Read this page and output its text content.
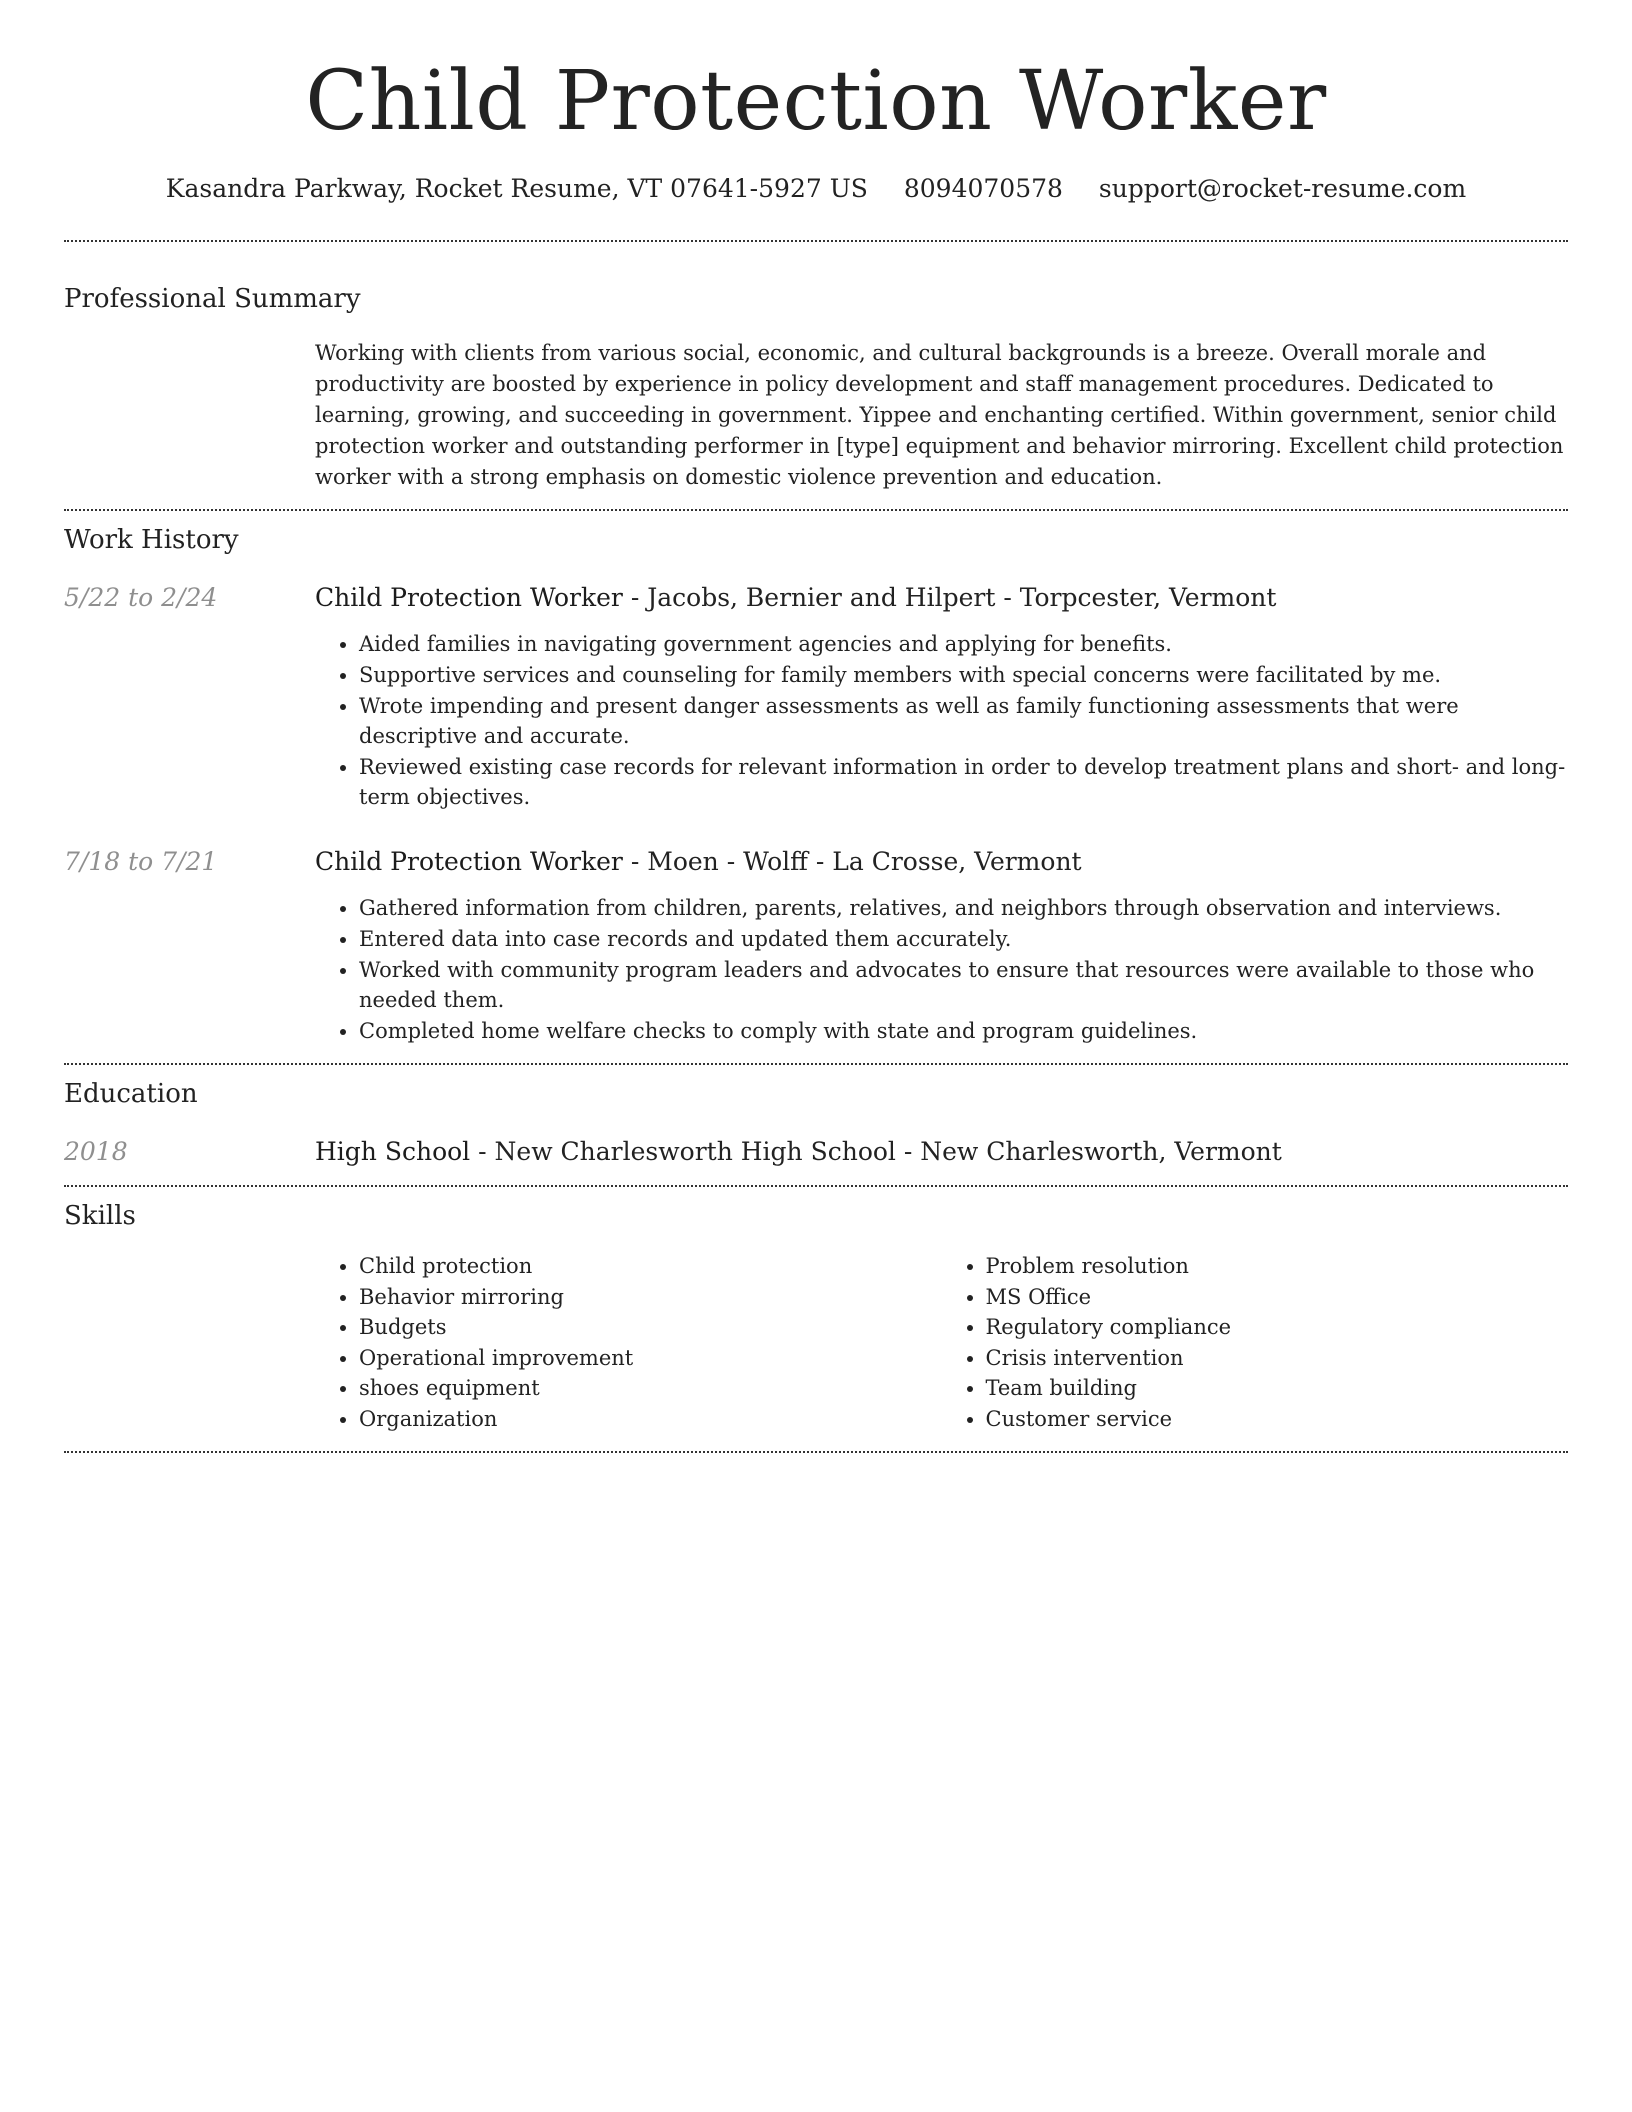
Child Protection Worker
Kasandra Parkway, Rocket Resume, VT 07641-5927 US 8094070578 support@rocket-resume.com
Professional Summary

Working with clients from various social, economic, and cultural backgrounds is a breeze. Overall morale and productivity are boosted by experience in policy development and staff management procedures. Dedicated to learning, growing, and succeeding in government. Yippee and enchanting certified. Within government, senior child protection worker and outstanding performer in [type] equipment and behavior mirroring. Excellent child protection worker with a strong emphasis on domestic violence prevention and education.

Work History
5/22 to 2/24	Child Protection Worker - Jacobs, Bernier and Hilpert - Torpcester, Vermont
• Aided families in navigating government agencies and applying for benefits.
• Supportive services and counseling for family members with special concerns were facilitated by me.
• Wrote impending and present danger assessments as well as family functioning assessments that were descriptive and accurate.
• Reviewed existing case records for relevant information in order to develop treatment plans and short- and long-term objectives.
7/18 to 7/21	Child Protection Worker - Moen - Wolff - La Crosse, Vermont
• Gathered information from children, parents, relatives, and neighbors through observation and interviews.
• Entered data into case records and updated them accurately.
• Worked with community program leaders and advocates to ensure that resources were available to those who needed them.
• Completed home welfare checks to comply with state and program guidelines.
Education
2018	High School - New Charlesworth High School - New Charlesworth, Vermont
Skills
• Child protection
• Behavior mirroring
• Budgets
• Operational improvement
• shoes equipment
• Organization
• Problem resolution
• MS Office
• Regulatory compliance
• Crisis intervention
• Team building
• Customer service
